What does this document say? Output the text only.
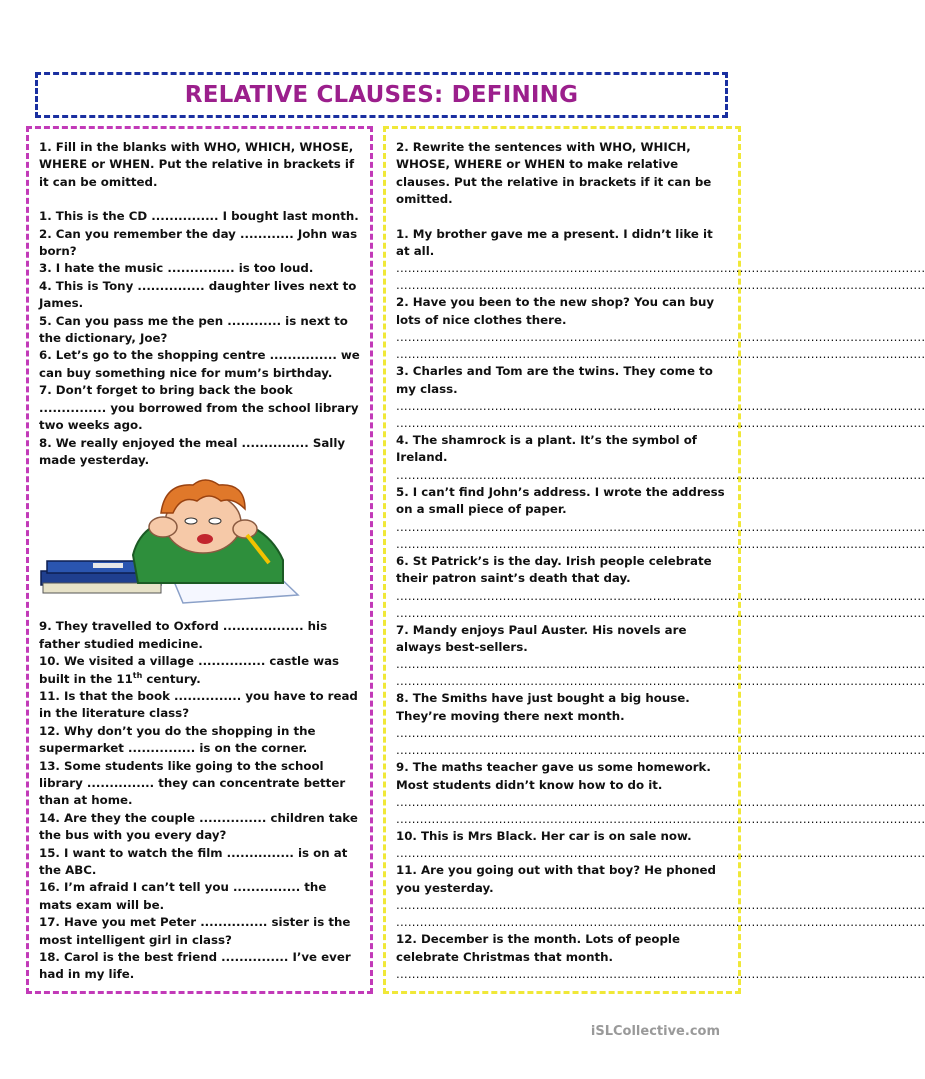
RELATIVE CLAUSES: DEFINING

1. Fill in the blanks with WHO, WHICH, WHOSE, WHERE or WHEN. Put the relative in brackets if it can be omitted.

1. This is the CD ............... I bought last month.

2. Can you remember the day ............ John was born?

3. I hate the music ............... is too loud.

4. This is Tony ............... daughter lives next to James.

5. Can you pass me the pen ............ is next to the dictionary, Joe?

6. Let’s go to the shopping centre ............... we can buy something nice for mum’s birthday.

7. Don’t forget to bring back the book ............... you borrowed from the school library two weeks ago.

8. We really enjoyed the meal ............... Sally made yesterday.

9. They travelled to Oxford .................. his father studied medicine.

10. We visited a village ............... castle was built in the 11th century.

11. Is that the book ............... you have to read in the literature class?

12. Why don’t you do the shopping in the supermarket ............... is on the corner.

13. Some students like going to the school library ............... they can concentrate better than at home.

14. Are they the couple ............... children take the bus with you every day?

15. I want to watch the film ............... is on at the ABC.

16. I’m afraid I can’t tell you ............... the mats exam will be.

17. Have you met Peter ............... sister is the most intelligent girl in class?

18. Carol is the best friend ............... I’ve ever had in my life.

2. Rewrite the sentences with WHO, WHICH, WHOSE, WHERE or WHEN to make relative clauses. Put the relative in brackets if it can be omitted.

1. My brother gave me a present. I didn’t like it at all.

......................................................................................................................................
......................................................................................................................................

2. Have you been to the new shop? You can buy lots of nice clothes there.

......................................................................................................................................
......................................................................................................................................

3. Charles and Tom are the twins. They come to my class.

......................................................................................................................................
......................................................................................................................................

4. The shamrock is a plant. It’s the symbol of Ireland.

......................................................................................................................................

5. I can’t find John’s address. I wrote the address on a small piece of paper.

......................................................................................................................................
......................................................................................................................................

6. St Patrick’s is the day. Irish people celebrate their patron saint’s death that day.

......................................................................................................................................
......................................................................................................................................

7. Mandy enjoys Paul Auster. His novels are always best-sellers.

......................................................................................................................................
......................................................................................................................................

8. The Smiths have just bought a big house. They’re moving there next month.

......................................................................................................................................
......................................................................................................................................

9. The maths teacher gave us some homework. Most students didn’t know how to do it.

......................................................................................................................................
......................................................................................................................................

10. This is Mrs Black. Her car is on sale now.

......................................................................................................................................

11. Are you going out with that boy? He phoned you yesterday.

......................................................................................................................................
......................................................................................................................................

12. December is the month. Lots of people celebrate Christmas that month.

......................................................................................................................................
iSLCollective.com
